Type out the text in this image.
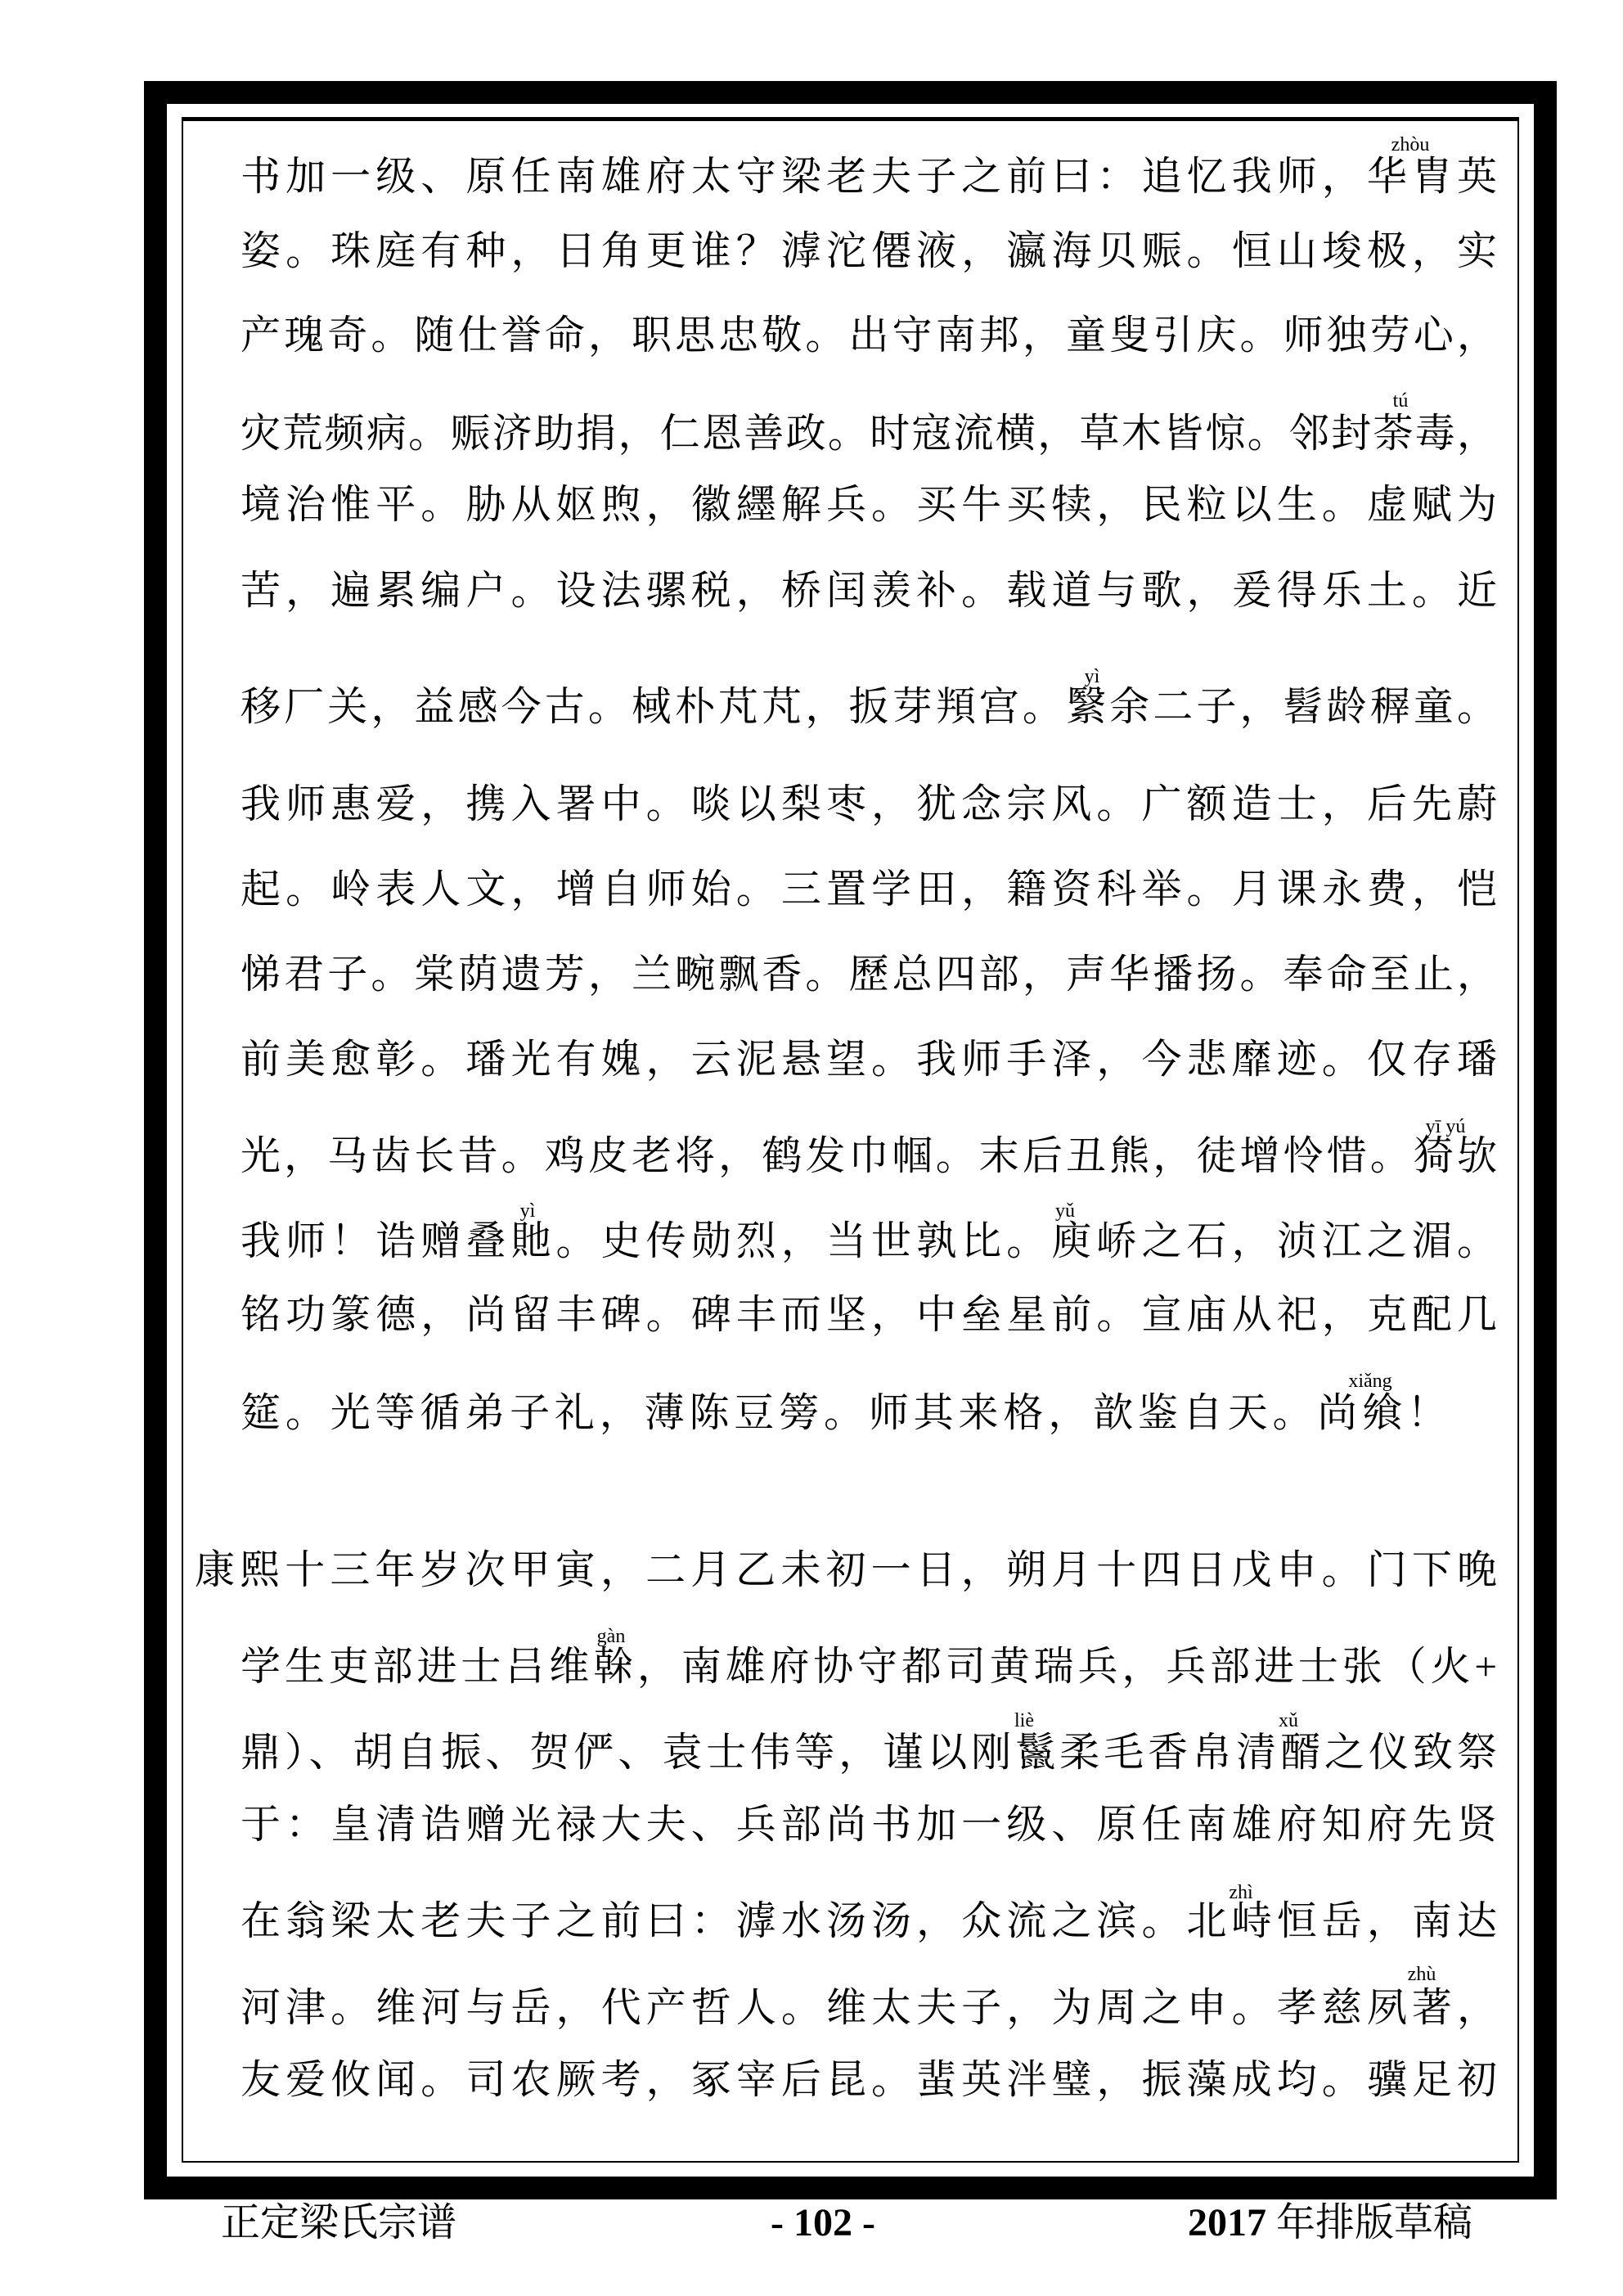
书加一级、原任南雄府太守梁老夫子之前曰：追忆我师，华胄英
姿。珠庭有种，日角更谁？滹沱僊液，瀛海贝赈。恒山埈极，实
产瑰奇。随仕誉命，职思忠敬。出守南邦，童叟引庆。师独劳心，
灾荒频病。赈济助捐，仁恩善政。时寇流横，草木皆惊。邻封荼毒，
境治惟平。胁从妪煦，徽纆解兵。买牛买犊，民粒以生。虚赋为
苦，遍累编户。设法骡税，桥闰羡补。载道与歌，爰得乐土。近
移厂关，益感今古。棫朴芃芃，扳芽頖宫。繄余二子，髫龄稺童。
我师惠爱，携入署中。啖以梨枣，犹念宗风。广额造士，后先蔚
起。岭表人文，增自师始。三置学田，籍资科举。月课永费，恺
悌君子。棠荫遗芳，兰畹飘香。歷总四部，声华播扬。奉命至止，
前美愈彰。璠光有媿，云泥悬望。我师手泽，今悲靡迹。仅存璠
光，马齿长昔。鸡皮老将，鹤发巾帼。末后丑熊，徒增怜惜。猗欤
我师！诰赠叠貤。史传勋烈，当世孰比。庾峤之石，浈江之湄。
铭功篆德，尚留丰碑。碑丰而坚，中垒星前。宣庙从祀，克配几
筵。光等循弟子礼，薄陈豆篣。师其来格，歆鉴自天。尚飨！
康熙十三年岁次甲寅，二月乙未初一日，朔月十四日戊申。门下晚
学生吏部进士吕维榦，南雄府协守都司黄瑞兵，兵部进士张（火+
鼎）、胡自振、贺俨、袁士伟等，谨以刚鬣柔毛香帛清醑之仪致祭
于：皇清诰赠光禄大夫、兵部尚书加一级、原任南雄府知府先贤
在翁梁太老夫子之前曰：滹水汤汤，众流之滨。北峙恒岳，南达
河津。维河与岳，代产哲人。维太夫子，为周之申。孝慈夙著，
友爱攸闻。司农厥考，冢宰后昆。蜚英泮璧，振藻成均。骥足初
zhòu
tú
yì
yī yú
yì	yǔ
xiǎng
gàn
liè	xǔ
zhì
zhù
正定梁氏宗谱	- 102 -	2017 年排版草稿
